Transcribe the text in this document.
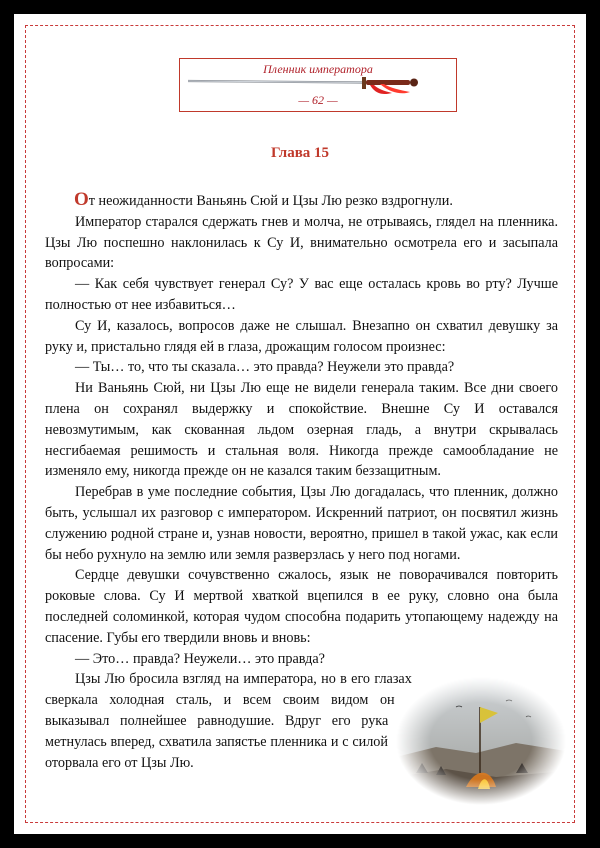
Пленник императора
— 62 —
Глава 15

От неожиданности Ваньянь Сюй и Цзы Лю резко вздрогнули.

Император старался сдержать гнев и молча, не отрываясь, глядел на пленника. Цзы Лю поспешно наклонилась к Су И, внимательно осмотрела его и засыпала вопросами:

— Как себя чувствует генерал Су? У вас еще осталась кровь во рту? Лучше полностью от нее избавиться…

Су И, казалось, вопросов даже не слышал. Внезапно он схватил девушку за руку и, пристально глядя ей в глаза, дрожащим голосом произнес:

— Ты… то, что ты сказала… это правда? Неужели это правда?

Ни Ваньянь Сюй, ни Цзы Лю еще не видели генерала таким. Все дни своего плена он сохранял выдержку и спокойствие. Внешне Су И оставался невозмутимым, как скованная льдом озерная гладь, а внутри скрывалась несгибаемая решимость и стальная воля. Никогда прежде самообладание не изменяло ему, никогда прежде он не казался таким беззащитным.

Перебрав в уме последние события, Цзы Лю догадалась, что пленник, должно быть, услышал их разговор с императором. Искренний патриот, он посвятил жизнь служению родной стране и, узнав новости, вероятно, пришел в такой ужас, как если бы небо рухнуло на землю или земля разверзлась у него под ногами.

Сердце девушки сочувственно сжалось, язык не поворачивался повторить роковые слова. Су И мертвой хваткой вцепился в ее руку, словно она была последней соломинкой, которая чудом способна подарить утопающему надежду на спасение. Губы его твердили вновь и вновь:

— Это… правда? Неужели… это правда?

Цзы Лю бросила взгляд на императора, но в его глазах сверкала холодная сталь, и всем своим видом он выказывал полнейшее равнодушие. Вдруг его рука метнулась вперед, схватила запястье пленника и с силой оторвала его от Цзы Лю.
